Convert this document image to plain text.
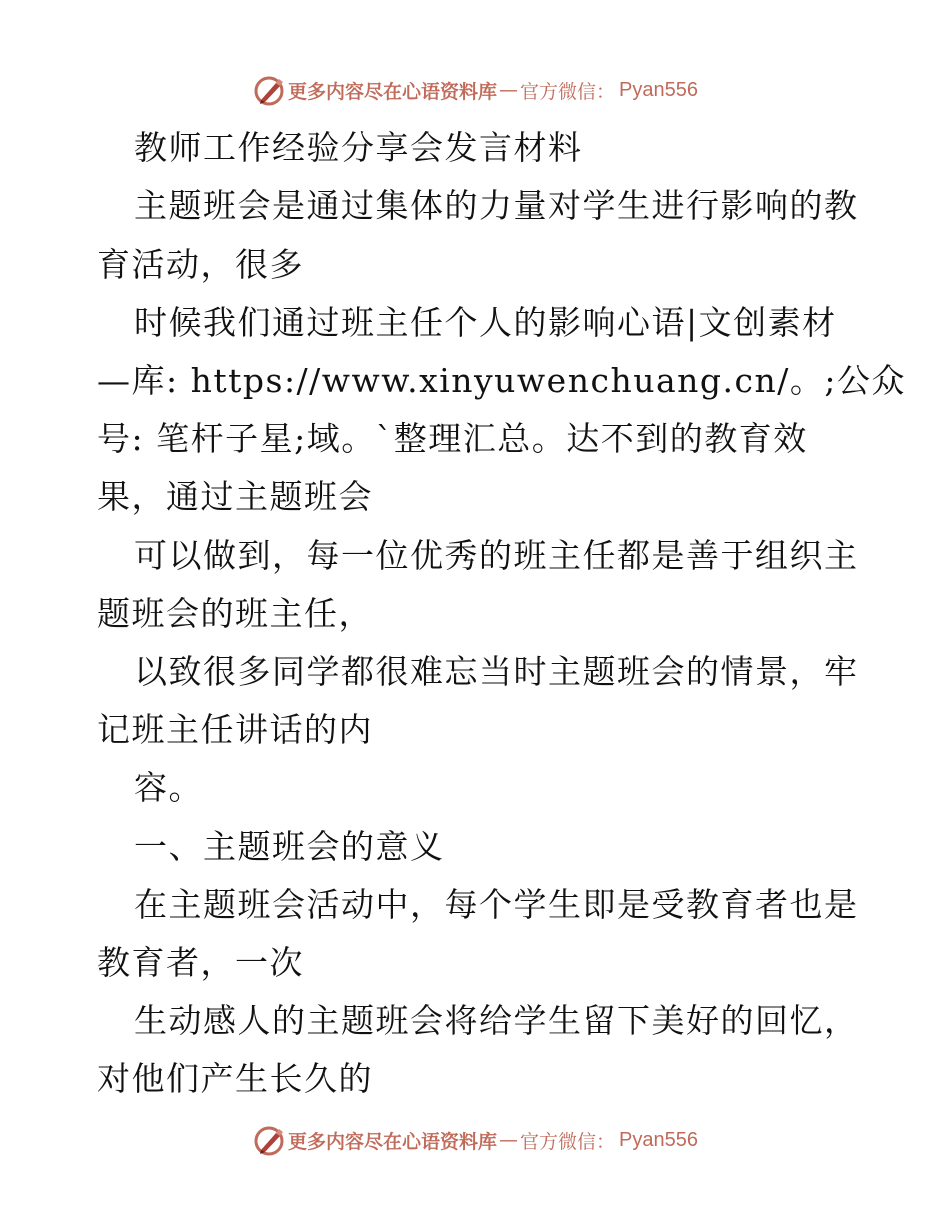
更多内容尽在心语资料库 — 官方微信： Pyan556
教师工作经验分享会发言材料
主题班会是通过集体的力量对学生进行影响的教
育活动，很多
时候我们通过班主任个人的影响心语|文创素材
—库: https://www.xinyuwenchuang.cn/。;公众
号: 笔杆子星;域。`整理汇总。达不到的教育效
果，通过主题班会
可以做到，每一位优秀的班主任都是善于组织主
题班会的班主任，
以致很多同学都很难忘当时主题班会的情景，牢
记班主任讲话的内
容。
一、主题班会的意义
在主题班会活动中，每个学生即是受教育者也是
教育者，一次
生动感人的主题班会将给学生留下美好的回忆，
对他们产生长久的
更多内容尽在心语资料库 — 官方微信： Pyan556
